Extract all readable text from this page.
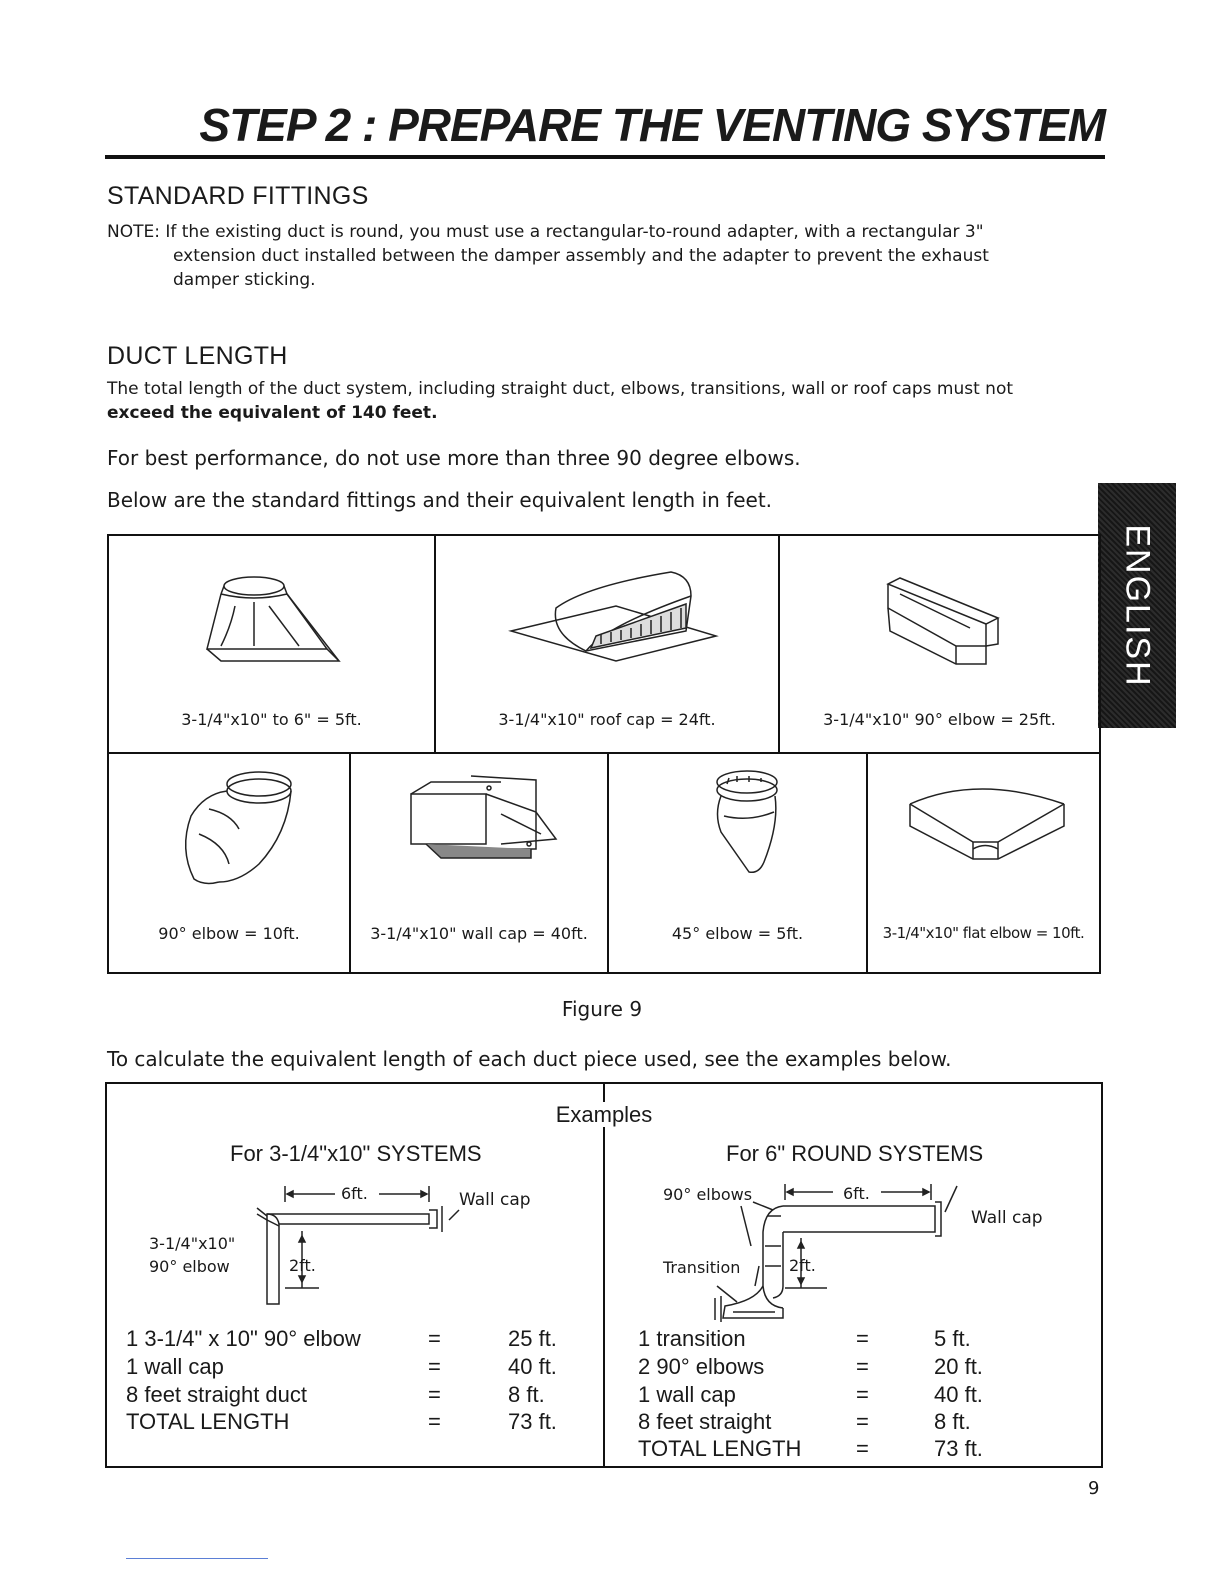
STEP 2 : PREPARE THE VENTING SYSTEM
ENGLISH
STANDARD FITTINGS
NOTE: If the existing duct is round, you must use a rectangular-to-round adapter, with a rectangular 3"
extension duct installed between the damper assembly and the adapter to prevent the exhaust
damper sticking.
DUCT LENGTH
The total length of the duct system, including straight duct, elbows, transitions, wall or roof caps must not
exceed the equivalent of 140 feet.
For best performance, do not use more than three 90 degree elbows.
Below are the standard fittings and their equivalent length in feet.
3-1/4"x10" to 6" = 5ft.	3-1/4"x10" roof cap = 24ft.	3-1/4"x10" 90° elbow = 25ft.
90° elbow = 10ft.	3-1/4"x10" wall cap = 40ft.	45° elbow = 5ft.	3-1/4"x10" flat elbow = 10ft.
Figure 9
To calculate the equivalent length of each duct piece used, see the examples below.
Examples
For 3-1/4"x10" SYSTEMS
6ft.	Wall cap
3-1/4"x10"
90° elbow	2ft.
1 3-1/4" x 10" 90° elbow	=	25 ft.
1 wall cap	=	40 ft.
8 feet straight duct	=	8 ft.
TOTAL LENGTH	=	73 ft.
For 6" ROUND SYSTEMS
90° elbows	6ft.
Wall cap
Transition	2ft.
1 transition	=	5 ft.
2 90° elbows	=	20 ft.
1 wall cap	=	40 ft.
8 feet straight	=	8 ft.
TOTAL LENGTH =	73 ft.
9
